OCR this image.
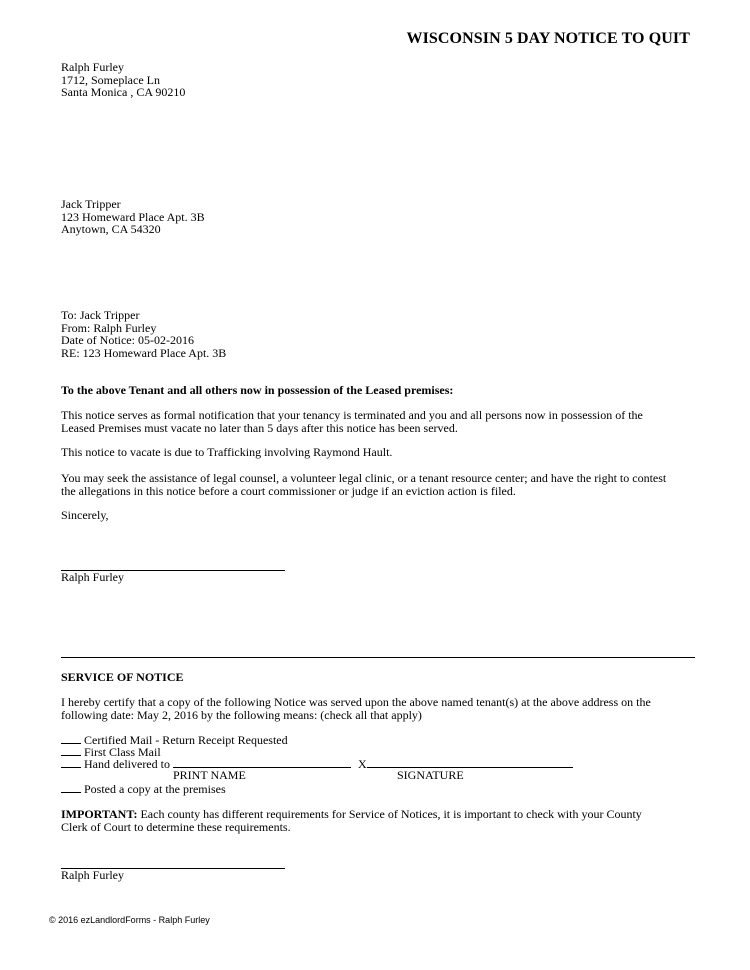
WISCONSIN 5 DAY NOTICE TO QUIT
Ralph Furley
1712, Someplace Ln
Santa Monica , CA 90210
Jack Tripper
123 Homeward Place Apt. 3B
Anytown, CA 54320
To: Jack Tripper
From: Ralph Furley
Date of Notice: 05-02-2016
RE: 123 Homeward Place Apt. 3B
To the above Tenant and all others now in possession of the Leased premises:
This notice serves as formal notification that your tenancy is terminated and you and all persons now in possession of the
Leased Premises must vacate no later than 5 days after this notice has been served.
This notice to vacate is due to Trafficking involving Raymond Hault.
You may seek the assistance of legal counsel, a volunteer legal clinic, or a tenant resource center; and have the right to contest
the allegations in this notice before a court commissioner or judge if an eviction action is filed.
Sincerely,
Ralph Furley
SERVICE OF NOTICE
I hereby certify that a copy of the following Notice was served upon the above named tenant(s) at the above address on the
following date: May 2, 2016 by the following means: (check all that apply)
Certified Mail - Return Receipt Requested
First Class Mail
Hand delivered to	X
PRINT NAME	SIGNATURE
Posted a copy at the premises
IMPORTANT: Each county has different requirements for Service of Notices, it is important to check with your County
Clerk of Court to determine these requirements.
Ralph Furley
© 2016 ezLandlordForms - Ralph Furley
